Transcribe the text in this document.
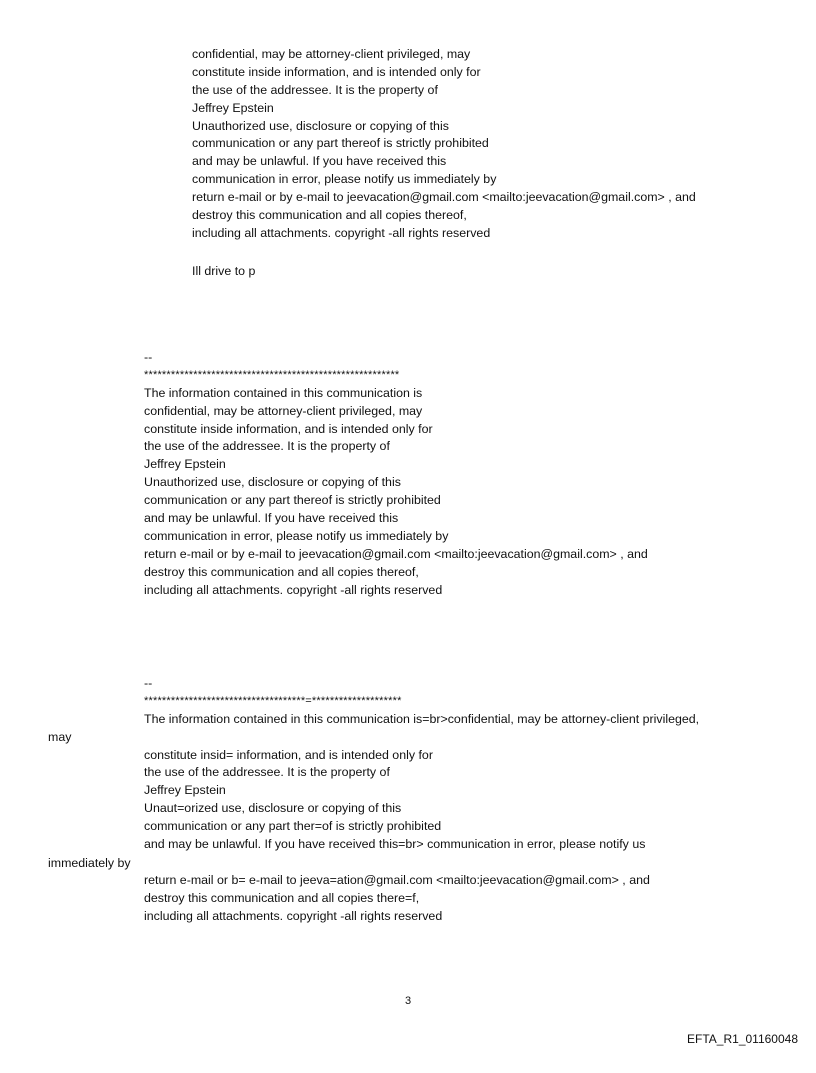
confidential, may be attorney-client privileged, may
constitute inside information, and is intended only for
the use of the addressee. It is the property of
Jeffrey Epstein
Unauthorized use, disclosure or copying of this
communication or any part thereof is strictly prohibited
and may be unlawful. If you have received this
communication in error, please notify us immediately by
return e-mail or by e-mail to jeevacation@gmail.com <mailto:jeevacation@gmail.com> , and
destroy this communication and all copies thereof,
including all attachments. copyright -all rights reserved
Ill drive to p
--
*********************************************************
The information contained in this communication is
confidential, may be attorney-client privileged, may
constitute inside information, and is intended only for
the use of the addressee. It is the property of
Jeffrey Epstein
Unauthorized use, disclosure or copying of this
communication or any part thereof is strictly prohibited
and may be unlawful. If you have received this
communication in error, please notify us immediately by
return e-mail or by e-mail to jeevacation@gmail.com <mailto:jeevacation@gmail.com> , and
destroy this communication and all copies thereof,
including all attachments. copyright -all rights reserved
--
************************************=********************
The information contained in this communication is=br>confidential, may be attorney-client privileged,
constitute insid= information, and is intended only for
the use of the addressee. It is the property of
Jeffrey Epstein
Unaut=orized use, disclosure or copying of this
communication or any part ther=of is strictly prohibited
and may be unlawful. If you have received this=br> communication in error, please notify us
return e-mail or b= e-mail to jeeva=ation@gmail.com <mailto:jeevacation@gmail.com> , and
destroy this communication and all copies there=f,
including all attachments. copyright -all rights reserved
may
immediately by
3
EFTA_R1_01160048
